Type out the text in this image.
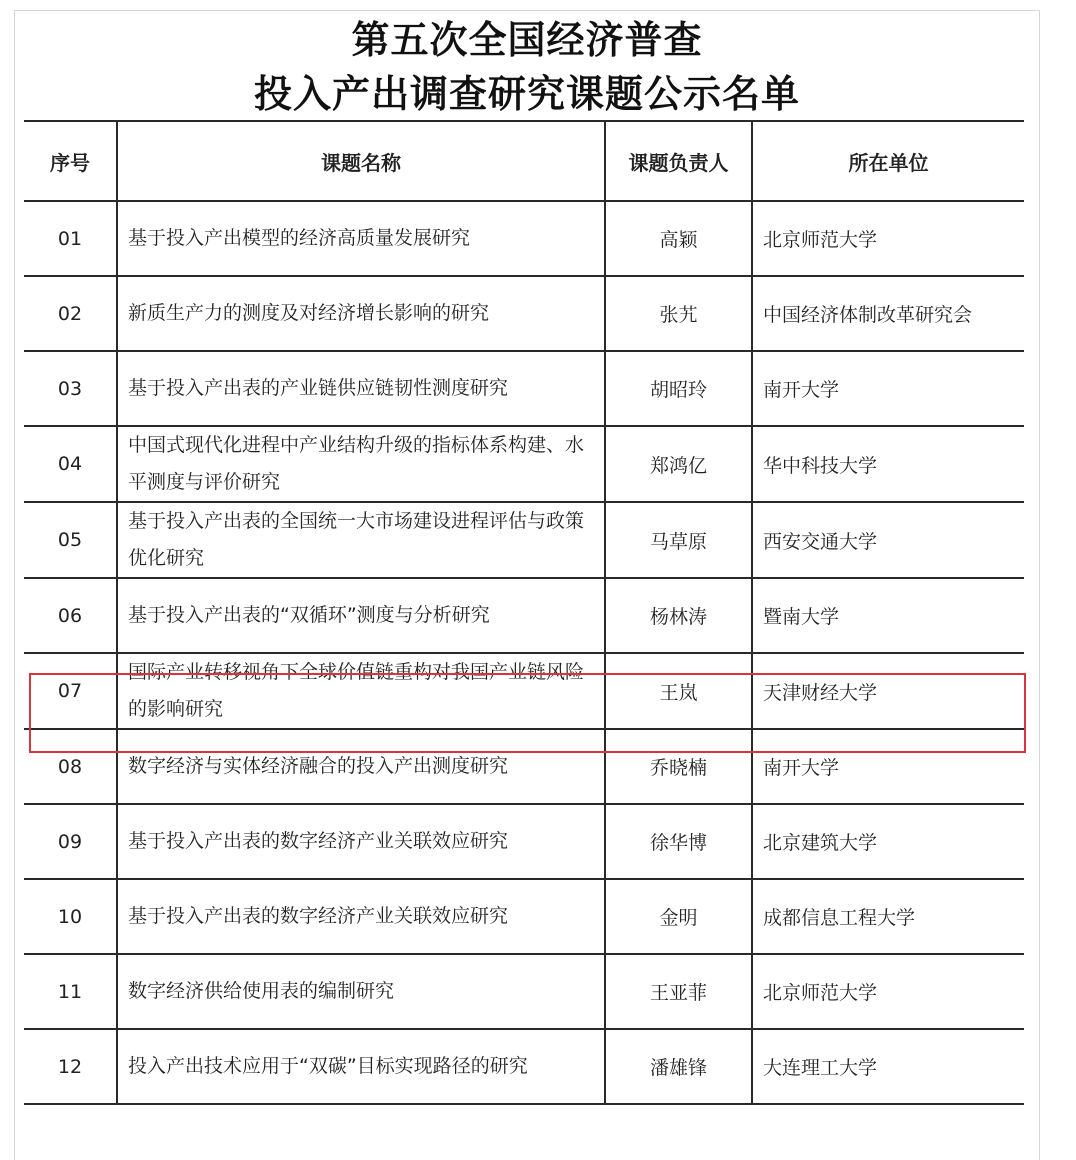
第五次全国经济普查
投入产出调查研究课题公示名单
序号	课题名称	课题负责人	所在单位
01	基于投入产出模型的经济高质量发展研究	高颖	北京师范大学
02	新质生产力的测度及对经济增长影响的研究	张艽	中国经济体制改革研究会
03	基于投入产出表的产业链供应链韧性测度研究	胡昭玲	南开大学
04	中国式现代化进程中产业结构升级的指标体系构建、水平测度与评价研究	郑鸿亿	华中科技大学
05	基于投入产出表的全国统一大市场建设进程评估与政策优化研究	马草原	西安交通大学
06	基于投入产出表的“双循环”测度与分析研究	杨林涛	暨南大学
07	国际产业转移视角下全球价值链重构对我国产业链风险的影响研究	王岚	天津财经大学
08	数字经济与实体经济融合的投入产出测度研究	乔晓楠	南开大学
09	基于投入产出表的数字经济产业关联效应研究	徐华博	北京建筑大学
10	基于投入产出表的数字经济产业关联效应研究	金明	成都信息工程大学
11	数字经济供给使用表的编制研究	王亚菲	北京师范大学
12	投入产出技术应用于“双碳”目标实现路径的研究	潘雄锋	大连理工大学
